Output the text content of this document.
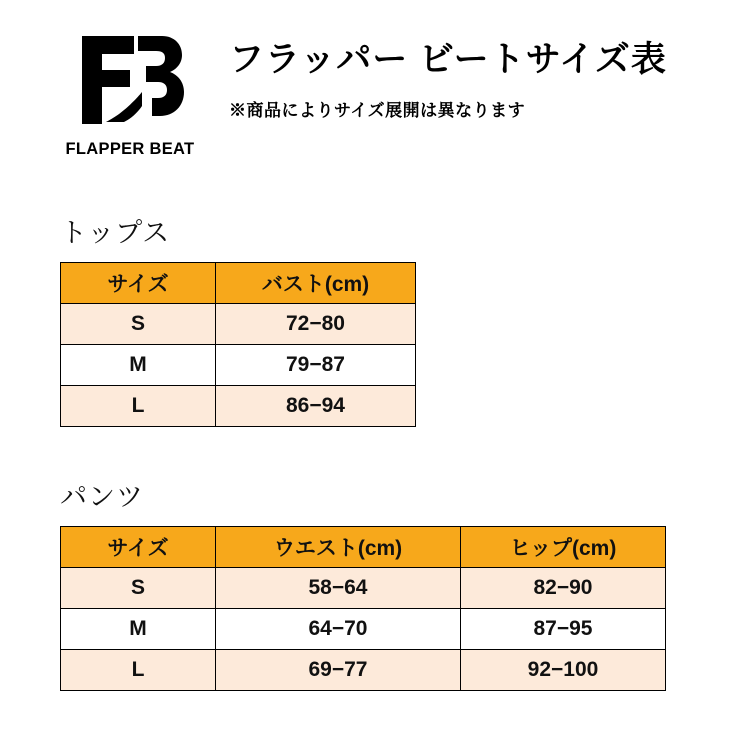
FLAPPER BEAT
フラッパー ビートサイズ表
※商品によりサイズ展開は異なります
トップス
サイズ	バスト(cm)
S	72−80
M	79−87
L	86−94
パンツ
サイズ	ウエスト(cm)	ヒップ(cm)
S	58−64	82−90
M	64−70	87−95
L	69−77	92−100
